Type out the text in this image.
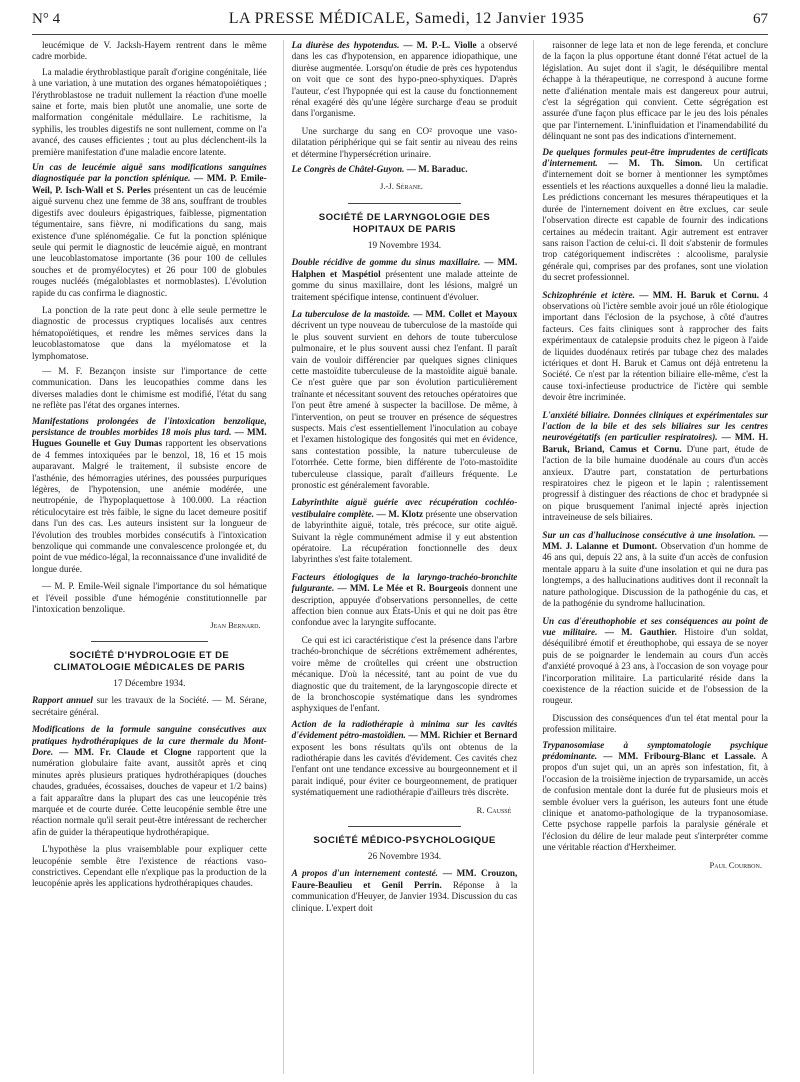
N° 4	LA PRESSE MÉDICALE, Samedi, 12 Janvier 1935	67

leucémique de V. Jacksh-Hayem rentrent dans le même cadre morbide.

La maladie érythroblastique paraît d'origine congénitale, liée à une variation, à une mutation des organes hématopoïétiques ; l'érythroblastose ne traduit nullement la réaction d'une moelle saine et forte, mais bien plutôt une anomalie, une sorte de malformation congénitale médullaire. Le rachitisme, la syphilis, les troubles digestifs ne sont nullement, comme on l'a avancé, des causes efficientes ; tout au plus déclenchent-ils la première manifestation d'une maladie encore latente.

Un cas de leucémie aiguë sans modifications sanguines diagnostiquée par la ponction splénique. — MM. P. Emile-Weil, P. Isch-Wall et S. Perles présentent un cas de leucémie aiguë survenu chez une femme de 38 ans, souffrant de troubles digestifs avec douleurs épigastriques, faiblesse, pigmentation tégumentaire, sans fièvre, ni modifications du sang, mais existence d'une splénomégalie. Ce fut la ponction splénique seule qui permit le diagnostic de leucémie aiguë, en montrant une leucoblastomatose importante (36 pour 100 de cellules souches et de promyélocytes) et 26 pour 100 de globules rouges nucléés (mégaloblastes et normoblastes). L'évolution rapide du cas confirma le diagnostic.

La ponction de la rate peut donc à elle seule permettre le diagnostic de processus cryptiques localisés aux centres hématopoïétiques, et rendre les mêmes services dans la leucoblastomatose que dans la myélomatose et la lymphomatose.

— M. F. Bezançon insiste sur l'importance de cette communication. Dans les leucopathies comme dans les diverses maladies dont le chimisme est modifié, l'état du sang ne reflète pas l'état des organes internes.

Manifestations prolongées de l'intoxication benzolique, persistance de troubles morbides 18 mois plus tard. — MM. Hugues Gounelle et Guy Dumas rapportent les observations de 4 femmes intoxiquées par le benzol, 18, 16 et 15 mois auparavant. Malgré le traitement, il subsiste encore de l'asthénie, des hémorragies utérines, des poussées purpuriques légères, de l'hypotension, une anémie modérée, une neutropénie, de l'hypoplaquettose à 100.000. La réaction réticulocytaire est très faible, le signe du lacet demeure positif dans l'un des cas. Les auteurs insistent sur la longueur de l'évolution des troubles morbides consécutifs à l'intoxication benzolique qui commande une convalescence prolongée et, du point de vue médico-légal, la reconnaissance d'une invalidité de longue durée.

— M. P. Emile-Weil signale l'importance du sol hématique et l'éveil possible d'une hémogénie constitutionnelle par l'intoxication benzolique.

Jean Bernard.
SOCIÉTÉ D'HYDROLOGIE ET DE CLIMATOLOGIE MÉDICALES DE PARIS
17 Décembre 1934.
Rapport annuel sur les travaux de la Société. — M. Sérane, secrétaire général.
Modifications de la formule sanguine consécutives aux pratiques hydrothérapiques de la cure thermale du Mont-Dore. — MM. Fr. Claude et Clogne rapportent que la numération globulaire faite avant, aussitôt après et cinq minutes après plusieurs pratiques hydrothérapiques (douches chaudes, graduées, écossaises, douches de vapeur et 1/2 bains) a fait apparaître dans la plupart des cas une leucopénie très marquée et de courte durée. Cette leucopénie semble être une réaction normale qu'il serait peut-être intéressant de rechercher afin de guider la thérapeutique hydrothérapique.

L'hypothèse la plus vraisemblable pour expliquer cette leucopénie semble être l'existence de réactions vaso-constrictives. Cependant elle n'explique pas la production de la leucopénie après les applications hydrothérapiques chaudes.

La diurèse des hypotendus. — M. P.-L. Violle a observé dans les cas d'hypotension, en apparence idiopathique, une diurèse augmentée. Lorsqu'on étudie de près ces hypotendus on voit que ce sont des hypo-pneo-sphyxiques. D'après l'auteur, c'est l'hypopnée qui est la cause du fonctionnement rénal exagéré dès qu'une légère surcharge d'eau se produit dans l'organisme.

Une surcharge du sang en CO² provoque une vaso-dilatation périphérique qui se fait sentir au niveau des reins et détermine l'hypersécrétion urinaire.

Le Congrès de Châtel-Guyon. — M. Baraduc.
J.-J. Sérane.
SOCIÉTÉ DE LARYNGOLOGIE DES HOPITAUX DE PARIS
19 Novembre 1934.
Double récidive de gomme du sinus maxillaire. — MM. Halphen et Maspétiol présentent une malade atteinte de gomme du sinus maxillaire, dont les lésions, malgré un traitement spécifique intense, continuent d'évoluer.
La tuberculose de la mastoïde. — MM. Collet et Mayoux décrivent un type nouveau de tuberculose de la mastoïde qui le plus souvent survient en dehors de toute tuberculose pulmonaire, et le plus souvent aussi chez l'enfant. Il paraît vain de vouloir différencier par quelques signes cliniques cette mastoïdite tuberculeuse de la mastoïdite aiguë banale. Ce n'est guère que par son évolution particulièrement traînante et nécessitant souvent des retouches opératoires que l'on peut être amené à suspecter la bacillose. De même, à l'intervention, on peut se trouver en présence de séquestres suspects. Mais c'est essentiellement l'inoculation au cobaye et l'examen histologique des fongosités qui met en évidence, sans contestation possible, la nature tuberculeuse de l'otorrhée. Cette forme, bien différente de l'oto-mastoïdite tuberculeuse classique, paraît d'ailleurs fréquente. Le pronostic est généralement favorable.
Labyrinthite aiguë guérie avec récupération cochléo-vestibulaire complète. — M. Klotz présente une observation de labyrinthite aiguë, totale, très précoce, sur otite aiguë. Suivant la règle communément admise il y eut abstention opératoire. La récupération fonctionnelle des deux labyrinthes s'est faite totalement.
Facteurs étiologiques de la laryngo-trachéo-bronchite fulgurante. — MM. Le Mée et R. Bourgeois donnent une description, appuyée d'observations personnelles, de cette affection bien connue aux États-Unis et qui ne doit pas être confondue avec la laryngite suffocante.

Ce qui est ici caractéristique c'est la présence dans l'arbre trachéo-bronchique de sécrétions extrêmement adhérentes, voire même de croûtelles qui créent une obstruction mécanique. D'où la nécessité, tant au point de vue du diagnostic que du traitement, de la laryngoscopie directe et de la bronchoscopie systématique dans les syndromes asphyxiques de l'enfant.

Action de la radiothérapie à minima sur les cavités d'évidement pétro-mastoïdien. — MM. Richier et Bernard exposent les bons résultats qu'ils ont obtenus de la radiothérapie dans les cavités d'évidement. Ces cavités chez l'enfant ont une tendance excessive au bourgeonnement et il parait indiqué, pour éviter ce bourgeonnement, de pratiquer systématiquement une radiothérapie d'ailleurs très discrète.
R. Caussé
SOCIÉTÉ MÉDICO-PSYCHOLOGIQUE
26 Novembre 1934.
A propos d'un internement contesté. — MM. Crouzon, Faure-Beaulieu et Genil Perrin. Réponse à la communication d'Heuyer, de Janvier 1934. Discussion du cas clinique. L'expert doit

raisonner de lege lata et non de lege ferenda, et conclure de la façon la plus opportune étant donné l'état actuel de la législation. Au sujet dont il s'agit, le déséquilibre mental échappe à la thérapeutique, ne correspond à aucune forme nette d'aliénation mentale mais est dangereux pour autrui, c'est la ségrégation qui convient. Cette ségrégation est assurée d'une façon plus efficace par le jeu des lois pénales que par l'internement. L'ininfluidation et l'inamendabilité du délinquant ne sont pas des indications d'internement.

De quelques formules peut-être imprudentes de certificats d'internement. — M. Th. Simon. Un certificat d'internement doit se borner à mentionner les symptômes essentiels et les réactions auxquelles a donné lieu la maladie. Les prédictions concernant les mesures thérapeutiques et la durée de l'internement doivent en être exclues, car seule l'observation directe est capable de fournir des indications certaines au médecin traitant. Agir autrement est entraver sans raison l'action de celui-ci. Il doit s'abstenir de formules trop catégoriquement indiscrètes : alcoolisme, paralysie générale qui, comprises par des profanes, sont une violation du secret professionnel.
Schizophrénie et ictère. — MM. H. Baruk et Cornu. 4 observations où l'ictère semble avoir joué un rôle étiologique important dans l'éclosion de la psychose, à côté d'autres facteurs. Ces faits cliniques sont à rapprocher des faits expérimentaux de catalepsie produits chez le pigeon à l'aide de liquides duodénaux retirés par tubage chez des malades ictériques et dont H. Baruk et Camus ont déjà entretenu la Société. Ce n'est par la rétention biliaire elle-même, c'est la cause toxi-infectieuse productrice de l'ictère qui semble devoir être incriminée.
L'anxiété biliaire. Données cliniques et expérimentales sur l'action de la bile et des sels biliaires sur les centres neurovégétatifs (en particulier respiratoires). — MM. H. Baruk, Briand, Camus et Cornu. D'une part, étude de l'action de la bile humaine duodénale au cours d'un accès anxieux. D'autre part, constatation de perturbations respiratoires chez le pigeon et le lapin ; ralentissement progressif à distinguer des réactions de choc et bradypnée si on pique brusquement l'animal injecté après injection intraveineuse de sels biliaires.
Sur un cas d'hallucinose consécutive à une insolation. — MM. J. Lalanne et Dumont. Observation d'un homme de 46 ans qui, depuis 22 ans, à la suite d'un accès de confusion mentale apparu à la suite d'une insolation et qui ne dura pas longtemps, a des hallucinations auditives dont il reconnaît la nature pathologique. Discussion de la pathogénie du cas, et de la pathogénie du syndrome hallucination.
Un cas d'éreuthophobie et ses conséquences au point de vue militaire. — M. Gauthier. Histoire d'un soldat, déséquilibré émotif et éreuthophobe, qui essaya de se noyer puis de se poignarder le lendemain au cours d'un accès d'anxiété provoqué à 23 ans, à l'occasion de son voyage pour l'incorporation militaire. La particularité réside dans la coexistence de la réaction suicide et de l'obsession de la rougeur.

Discussion des conséquences d'un tel état mental pour la profession militaire.

Trypanosomiase à symptomatologie psychique prédominante. — MM. Fribourg-Blanc et Lassale. A propos d'un sujet qui, un an après son infestation, fit, à l'occasion de la troisième injection de tryparsamide, un accès de confusion mentale dont la durée fut de plusieurs mois et semble évoluer vers la guérison, les auteurs font une étude clinique et anatomo-pathologique de la trypanosomiase. Cette psychose rappelle parfois la paralysie générale et l'éclosion du délire de leur malade peut s'interpréter comme une véritable réaction d'Herxheimer.
Paul Courbon.
